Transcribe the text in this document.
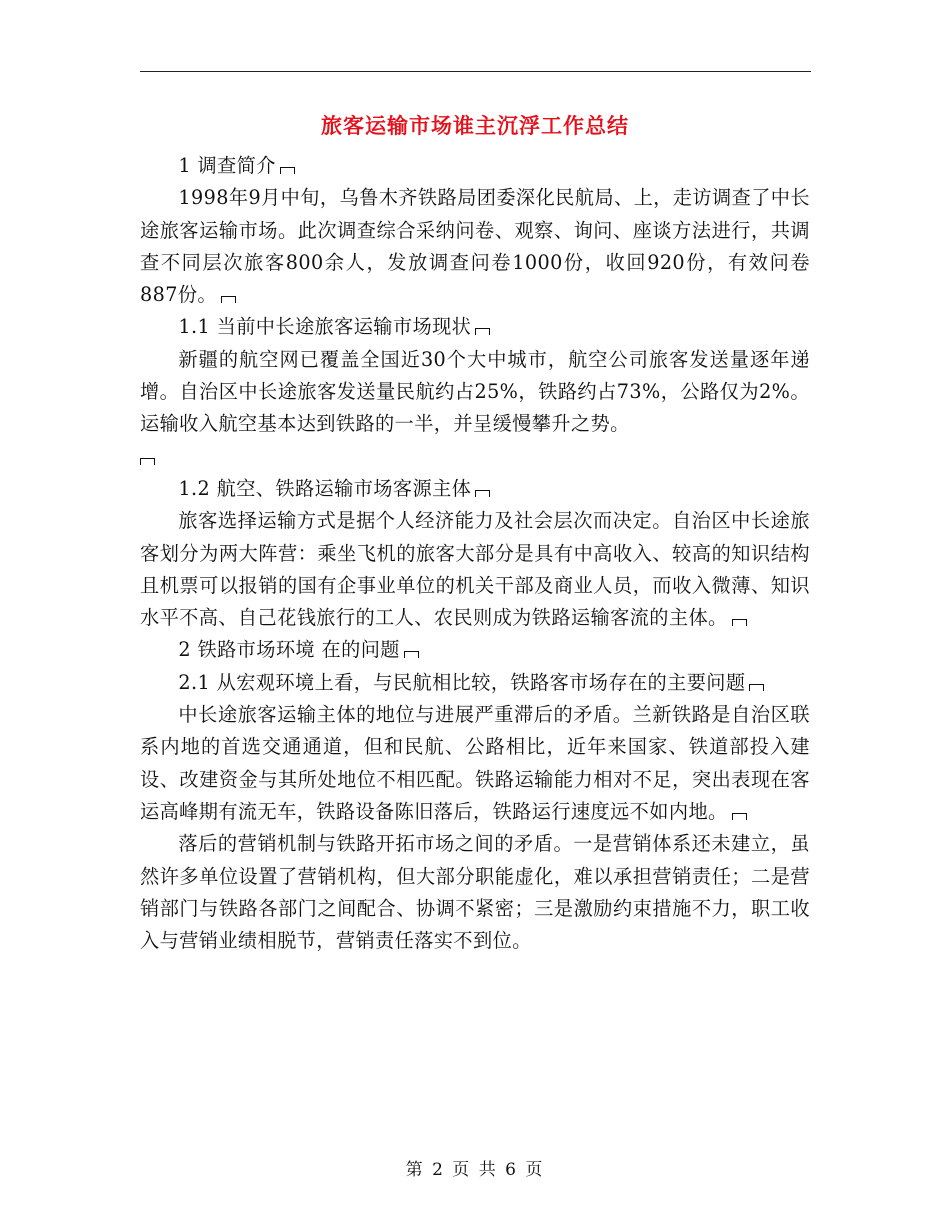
旅客运输市场谁主沉浮工作总结

1 调查简介

1998年9月中旬，乌鲁木齐铁路局团委深化民航局、上，走访调查了中长途旅客运输市场。此次调查综合采纳问卷、观察、询问、座谈方法进行，共调查不同层次旅客800余人，发放调查问卷1000份，收回920份，有效问卷887份。

1.1 当前中长途旅客运输市场现状

新疆的航空网已覆盖全国近30个大中城市，航空公司旅客发送量逐年递增。自治区中长途旅客发送量民航约占25%，铁路约占73%，公路仅为2%。运输收入航空基本达到铁路的一半，并呈缓慢攀升之势。

1.2 航空、铁路运输市场客源主体

旅客选择运输方式是据个人经济能力及社会层次而决定。自治区中长途旅客划分为两大阵营：乘坐飞机的旅客大部分是具有中高收入、较高的知识结构且机票可以报销的国有企事业单位的机关干部及商业人员，而收入微薄、知识水平不高、自己花钱旅行的工人、农民则成为铁路运输客流的主体。

2 铁路市场环境 在的问题

2.1 从宏观环境上看，与民航相比较，铁路客市场存在的主要问题

中长途旅客运输主体的地位与进展严重滞后的矛盾。兰新铁路是自治区联系内地的首选交通通道，但和民航、公路相比，近年来国家、铁道部投入建设、改建资金与其所处地位不相匹配。铁路运输能力相对不足，突出表现在客运高峰期有流无车，铁路设备陈旧落后，铁路运行速度远不如内地。

落后的营销机制与铁路开拓市场之间的矛盾。一是营销体系还未建立，虽然许多单位设置了营销机构，但大部分职能虚化，难以承担营销责任；二是营销部门与铁路各部门之间配合、协调不紧密；三是激励约束措施不力，职工收入与营销业绩相脱节，营销责任落实不到位。

第 2 页 共 6 页
